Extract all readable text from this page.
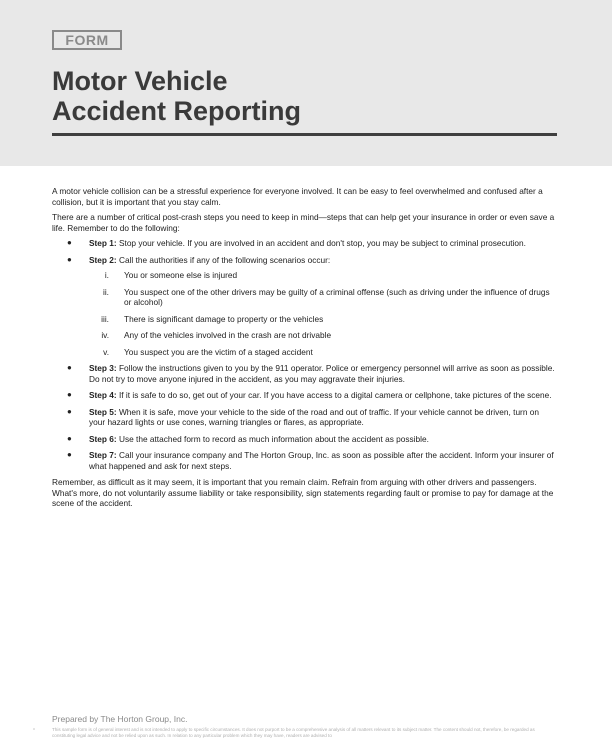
FORM
Motor Vehicle
Accident Reporting

A motor vehicle collision can be a stressful experience for everyone involved. It can be easy to feel overwhelmed and confused after a collision, but it is important that you stay calm.

There are a number of critical post-crash steps you need to keep in mind—steps that can help get your insurance in order or even save a life. Remember to do the following:

● Step 1: Stop your vehicle. If you are involved in an accident and don't stop, you may be subject to criminal prosecution.
● Step 2: Call the authorities if any of the following scenarios occur:
i. You or someone else is injured
ii. You suspect one of the other drivers may be guilty of a criminal offense (such as driving under the influence of drugs or alcohol)
iii. There is significant damage to property or the vehicles
iv. Any of the vehicles involved in the crash are not drivable
v. You suspect you are the victim of a staged accident
● Step 3: Follow the instructions given to you by the 911 operator. Police or emergency personnel will arrive as soon as possible. Do not try to move anyone injured in the accident, as you may aggravate their injuries.
● Step 4: If it is safe to do so, get out of your car. If you have access to a digital camera or cellphone, take pictures of the scene.
● Step 5: When it is safe, move your vehicle to the side of the road and out of traffic. If your vehicle cannot be driven, turn on your hazard lights or use cones, warning triangles or flares, as appropriate.
● Step 6: Use the attached form to record as much information about the accident as possible.
● Step 7: Call your insurance company and The Horton Group, Inc. as soon as possible after the accident. Inform your insurer of what happened and ask for next steps.

Remember, as difficult as it may seem, it is important that you remain claim. Refrain from arguing with other drivers and passengers. What's more, do not voluntarily assume liability or take responsibility, sign statements regarding fault or promise to pay for damage at the scene of the accident.

Prepared by The Horton Group, Inc.
°	This sample form is of general interest and is not intended to apply to specific circumstances. It does not purport to be a comprehensive analysis of all matters relevant to its subject matter. The content should not, therefore, be regarded as constituting legal advice and not be relied upon as such. In relation to any particular problem which they may have, readers are advised to
